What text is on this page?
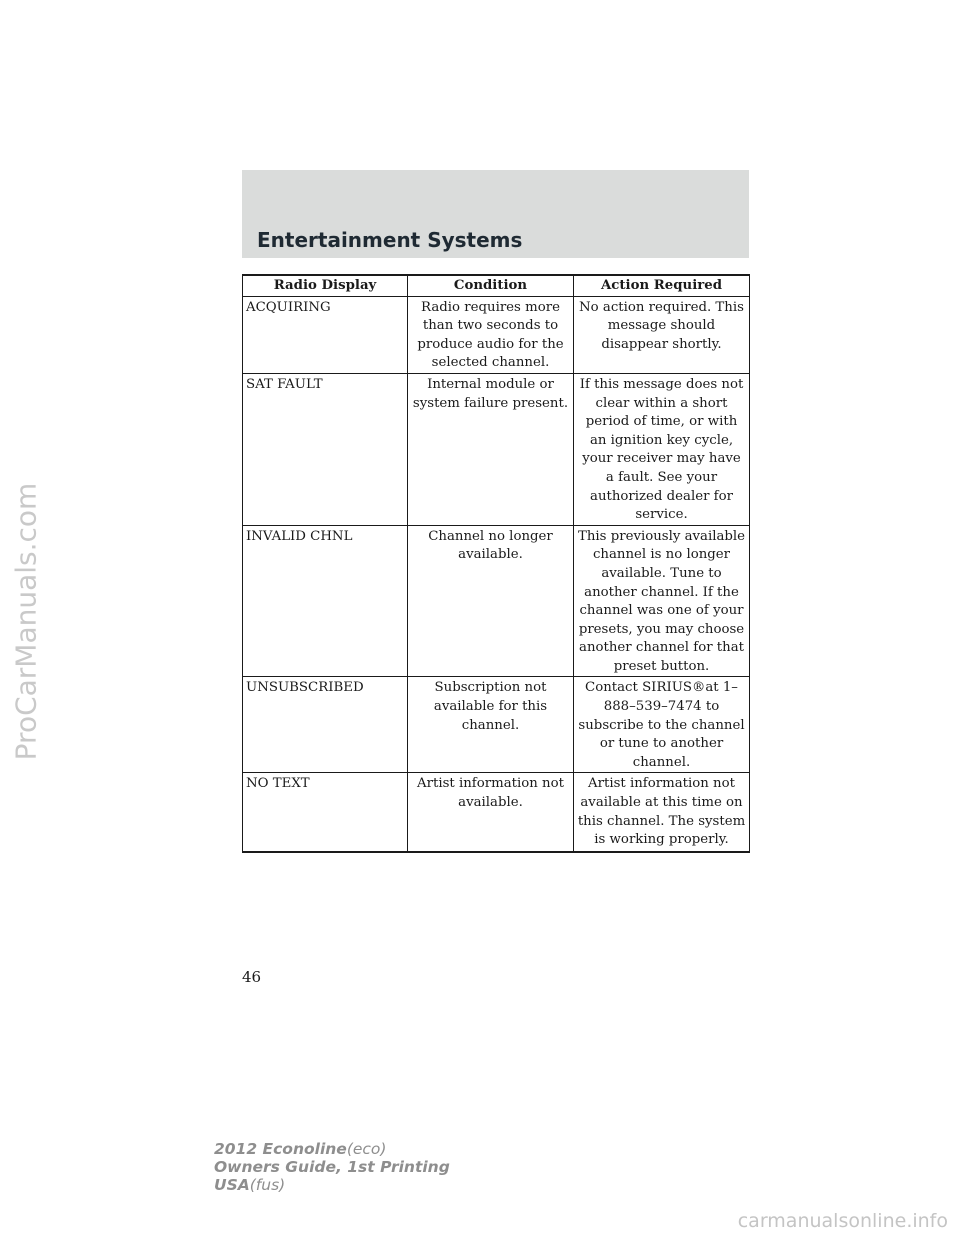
ProCarManuals.com
Entertainment Systems
Radio Display	Condition	Action Required
ACQUIRING	Radio requires more than two seconds to produce audio for the selected channel.	No action required. This message should disappear shortly.
SAT FAULT	Internal module or system failure present.	If this message does not clear within a short period of time, or with an ignition key cycle, your receiver may have a fault. See your authorized dealer for service.
INVALID CHNL	Channel no longer available.	This previously available channel is no longer available. Tune to another channel. If the channel was one of your presets, you may choose another channel for that preset button.
UNSUBSCRIBED	Subscription not available for this channel.	Contact SIRIUS®at 1–888–539–7474 to subscribe to the channel or tune to another channel.
NO TEXT	Artist information not available.	Artist information not available at this time on this channel. The system is working properly.
46
2012 Econoline(eco)
Owners Guide, 1st Printing
USA(fus)
carmanualsonline.info
